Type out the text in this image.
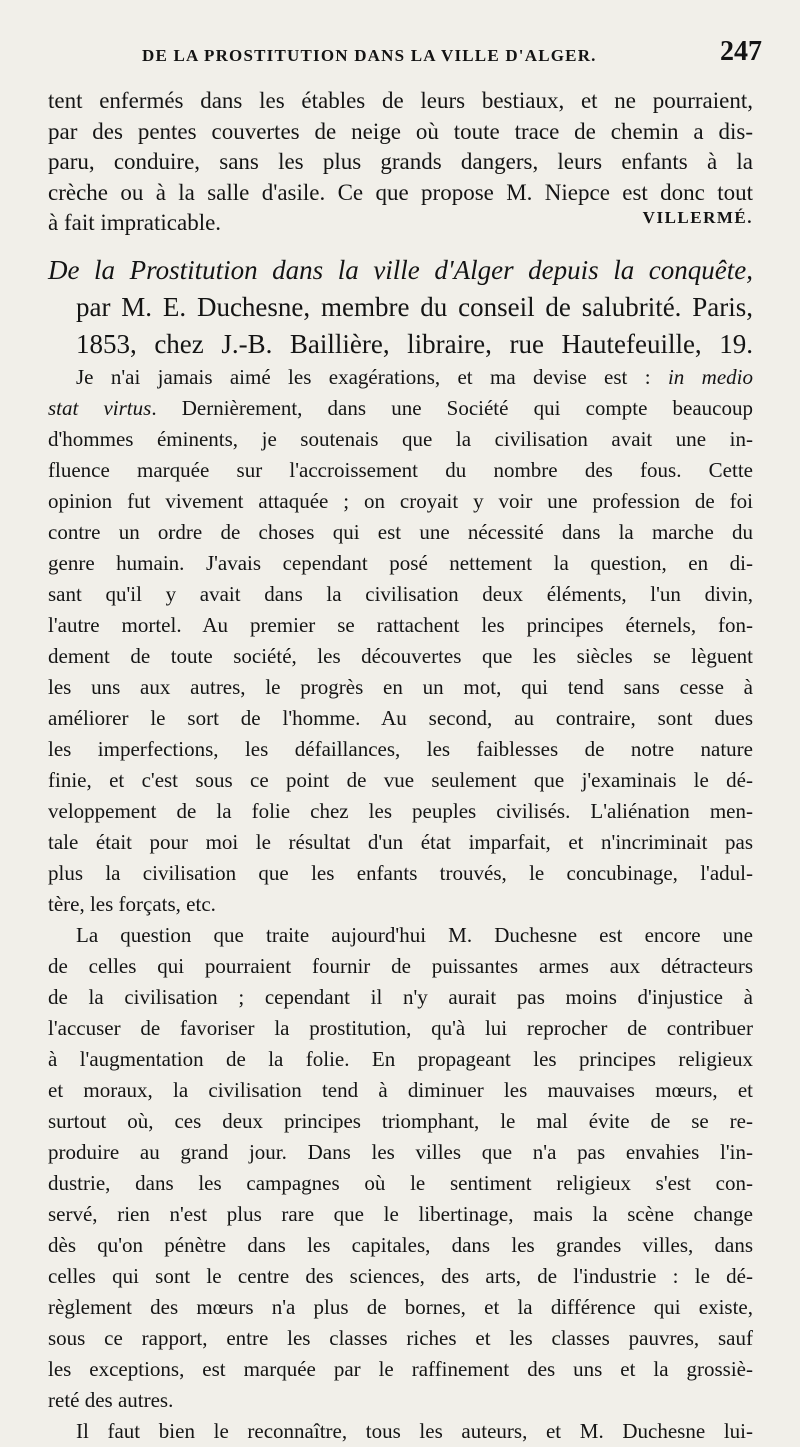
DE LA PROSTITUTION DANS LA VILLE D'ALGER.	247
tent enfermés dans les étables de leurs bestiaux, et ne pourraient,
par des pentes couvertes de neige où toute trace de chemin a dis-
paru, conduire, sans les plus grands dangers, leurs enfants à la
crèche ou à la salle d'asile. Ce que propose M. Niepce est donc tout
à fait impraticable.	VILLERMÉ.
De la Prostitution dans la ville d'Alger depuis la conquête,
par M. E. Duchesne, membre du conseil de salubrité. Paris,
1853, chez J.-B. Baillière, libraire, rue Hautefeuille, 19.
Je n'ai jamais aimé les exagérations, et ma devise est : in medio
stat virtus. Dernièrement, dans une Société qui compte beaucoup
d'hommes éminents, je soutenais que la civilisation avait une in-
fluence marquée sur l'accroissement du nombre des fous. Cette
opinion fut vivement attaquée ; on croyait y voir une profession de foi
contre un ordre de choses qui est une nécessité dans la marche du
genre humain. J'avais cependant posé nettement la question, en di-
sant qu'il y avait dans la civilisation deux éléments, l'un divin,
l'autre mortel. Au premier se rattachent les principes éternels, fon-
dement de toute société, les découvertes que les siècles se lèguent
les uns aux autres, le progrès en un mot, qui tend sans cesse à
améliorer le sort de l'homme. Au second, au contraire, sont dues
les imperfections, les défaillances, les faiblesses de notre nature
finie, et c'est sous ce point de vue seulement que j'examinais le dé-
veloppement de la folie chez les peuples civilisés. L'aliénation men-
tale était pour moi le résultat d'un état imparfait, et n'incriminait pas
plus la civilisation que les enfants trouvés, le concubinage, l'adul-
tère, les forçats, etc.
La question que traite aujourd'hui M. Duchesne est encore une
de celles qui pourraient fournir de puissantes armes aux détracteurs
de la civilisation ; cependant il n'y aurait pas moins d'injustice à
l'accuser de favoriser la prostitution, qu'à lui reprocher de contribuer
à l'augmentation de la folie. En propageant les principes religieux
et moraux, la civilisation tend à diminuer les mauvaises mœurs, et
surtout où, ces deux principes triomphant, le mal évite de se re-
produire au grand jour. Dans les villes que n'a pas envahies l'in-
dustrie, dans les campagnes où le sentiment religieux s'est con-
servé, rien n'est plus rare que le libertinage, mais la scène change
dès qu'on pénètre dans les capitales, dans les grandes villes, dans
celles qui sont le centre des sciences, des arts, de l'industrie : le dé-
règlement des mœurs n'a plus de bornes, et la différence qui existe,
sous ce rapport, entre les classes riches et les classes pauvres, sauf
les exceptions, est marquée par le raffinement des uns et la grossiè-
reté des autres.
Il faut bien le reconnaître, tous les auteurs, et M. Duchesne lui-
